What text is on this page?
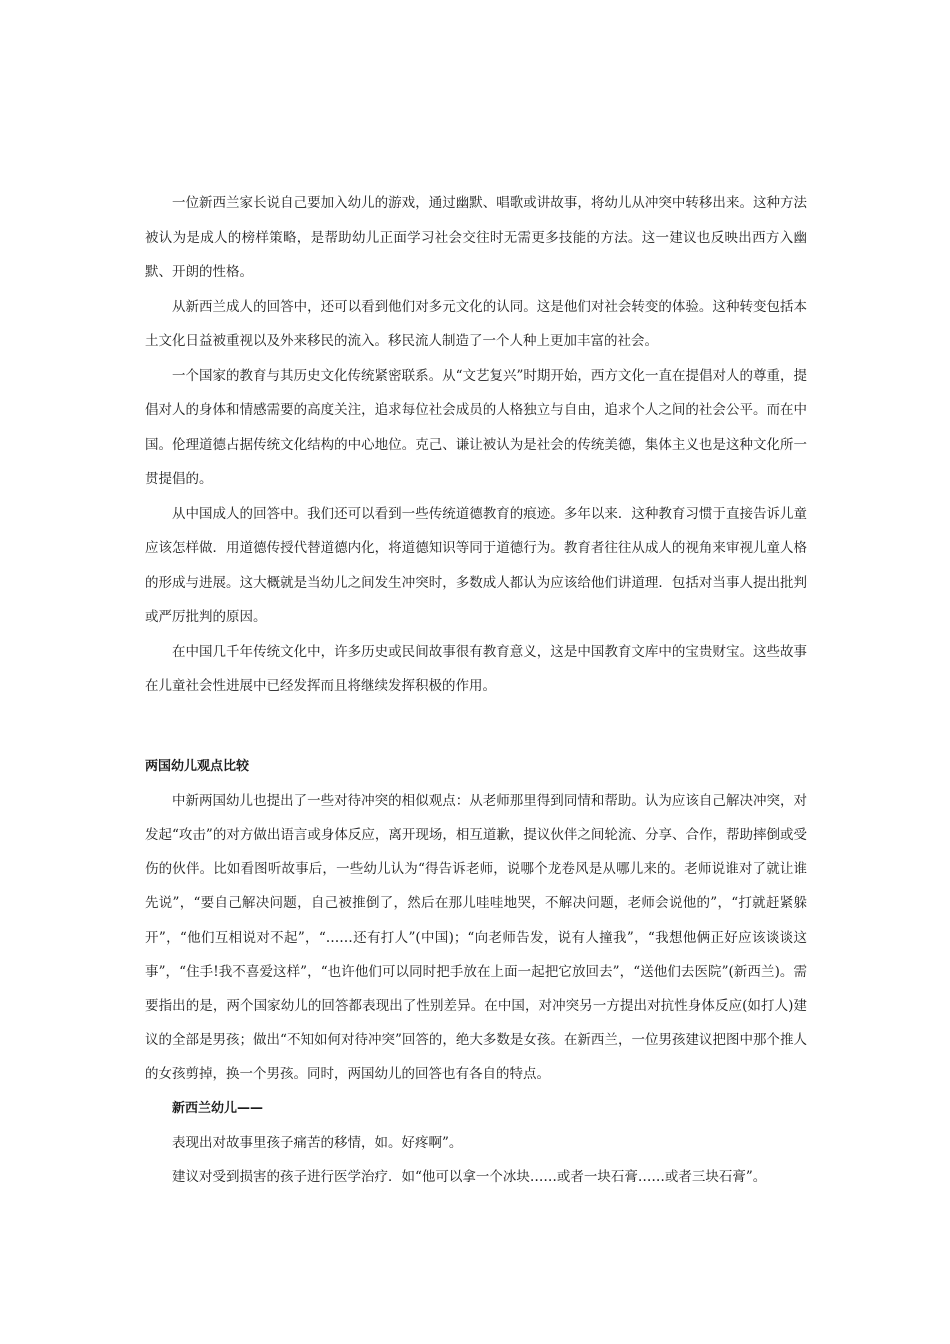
一位新西兰家长说自己要加入幼儿的游戏，通过幽默、唱歌或讲故事，将幼儿从冲突中转移出来。这种方法被认为是成人的榜样策略，是帮助幼儿正面学习社会交往时无需更多技能的方法。这一建议也反映出西方入幽默、开朗的性格。

从新西兰成人的回答中，还可以看到他们对多元文化的认同。这是他们对社会转变的体验。这种转变包括本土文化日益被重视以及外来移民的流入。移民流人制造了一个人种上更加丰富的社会。

一个国家的教育与其历史文化传统紧密联系。从“文艺复兴”时期开始，西方文化一直在提倡对人的尊重，提倡对人的身体和情感需要的高度关注，追求每位社会成员的人格独立与自由，追求个人之间的社会公平。而在中国。伦理道德占据传统文化结构的中心地位。克己、谦让被认为是社会的传统美德，集体主义也是这种文化所一贯提倡的。

从中国成人的回答中。我们还可以看到一些传统道德教育的痕迹。多年以来．这种教育习惯于直接告诉儿童应该怎样做．用道德传授代替道德内化，将道德知识等同于道德行为。教育者往往从成人的视角来审视儿童人格的形成与进展。这大概就是当幼儿之间发生冲突时，多数成人都认为应该给他们讲道理．包括对当事人提出批判或严厉批判的原因。

在中国几千年传统文化中，许多历史或民间故事很有教育意义，这是中国教育文库中的宝贵财宝。这些故事在儿童社会性进展中已经发挥而且将继续发挥积极的作用。

两国幼儿观点比较

中新两国幼儿也提出了一些对待冲突的相似观点：从老师那里得到同情和帮助。认为应该自己解决冲突，对发起“攻击”的对方做出语言或身体反应，离开现场，相互道歉，提议伙伴之间轮流、分享、合作，帮助摔倒或受伤的伙伴。比如看图听故事后，一些幼儿认为“得告诉老师，说哪个龙卷风是从哪儿来的。老师说谁对了就让谁先说”，“要自己解决问题，自己被推倒了，然后在那儿哇哇地哭，不解决问题，老师会说他的”，“打就赶紧躲开”，“他们互相说对不起”，“……还有打人”(中国)；“向老师告发，说有人撞我”，“我想他俩正好应该谈谈这事”，“住手!我不喜爱这样”，“也许他们可以同时把手放在上面一起把它放回去”，“送他们去医院”(新西兰)。需要指出的是，两个国家幼儿的回答都表现出了性别差异。在中国，对冲突另一方提出对抗性身体反应(如打人)建议的全部是男孩；做出“不知如何对待冲突”回答的，绝大多数是女孩。在新西兰，一位男孩建议把图中那个推人的女孩剪掉，换一个男孩。同时，两国幼儿的回答也有各自的特点。

新西兰幼儿——

表现出对故事里孩子痛苦的移情，如。好疼啊”。

建议对受到损害的孩子进行医学治疗．如“他可以拿一个冰块……或者一块石膏……或者三块石膏”。
